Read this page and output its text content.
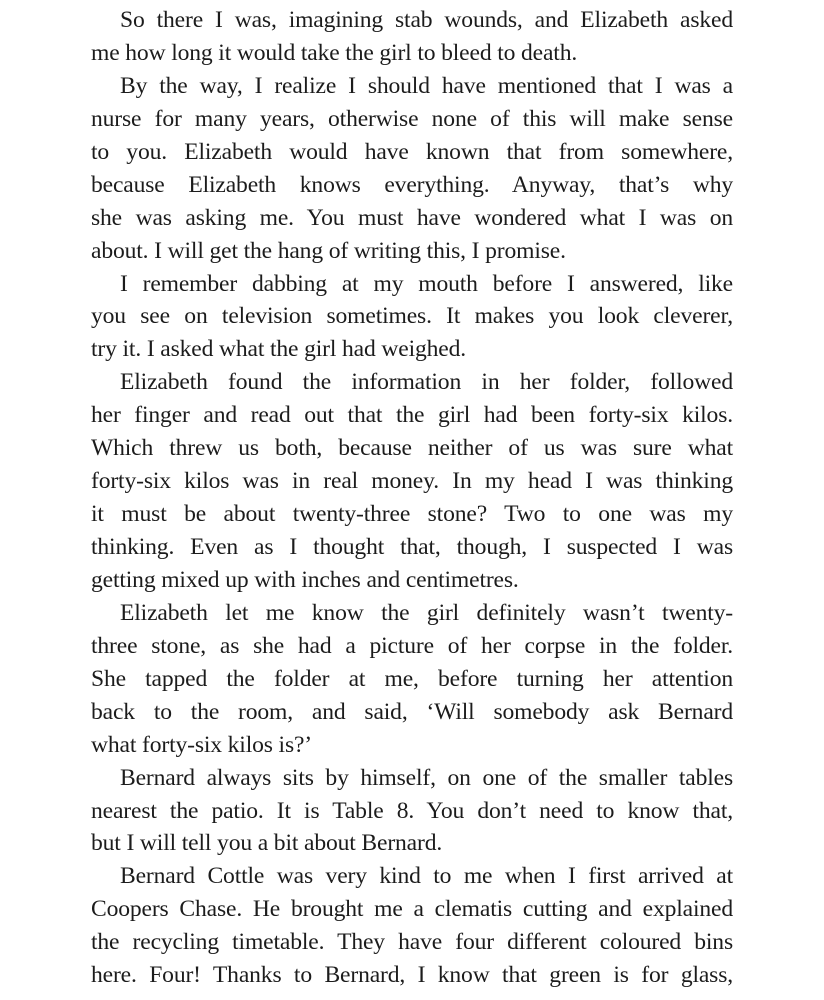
So there I was, imagining stab wounds, and Elizabeth asked
me how long it would take the girl to bleed to death.
By the way, I realize I should have mentioned that I was a
nurse for many years, otherwise none of this will make sense
to you. Elizabeth would have known that from somewhere,
because Elizabeth knows everything. Anyway, that’s why
she was asking me. You must have wondered what I was on
about. I will get the hang of writing this, I promise.
I remember dabbing at my mouth before I answered, like
you see on television sometimes. It makes you look cleverer,
try it. I asked what the girl had weighed.
Elizabeth found the information in her folder, followed
her finger and read out that the girl had been forty-six kilos.
Which threw us both, because neither of us was sure what
forty-six kilos was in real money. In my head I was thinking
it must be about twenty-three stone? Two to one was my
thinking. Even as I thought that, though, I suspected I was
getting mixed up with inches and centimetres.
Elizabeth let me know the girl definitely wasn’t twenty-
three stone, as she had a picture of her corpse in the folder.
She tapped the folder at me, before turning her attention
back to the room, and said, ‘Will somebody ask Bernard
what forty-six kilos is?’
Bernard always sits by himself, on one of the smaller tables
nearest the patio. It is Table 8. You don’t need to know that,
but I will tell you a bit about Bernard.
Bernard Cottle was very kind to me when I first arrived at
Coopers Chase. He brought me a clematis cutting and explained
the recycling timetable. They have four different coloured bins
here. Four! Thanks to Bernard, I know that green is for glass,
